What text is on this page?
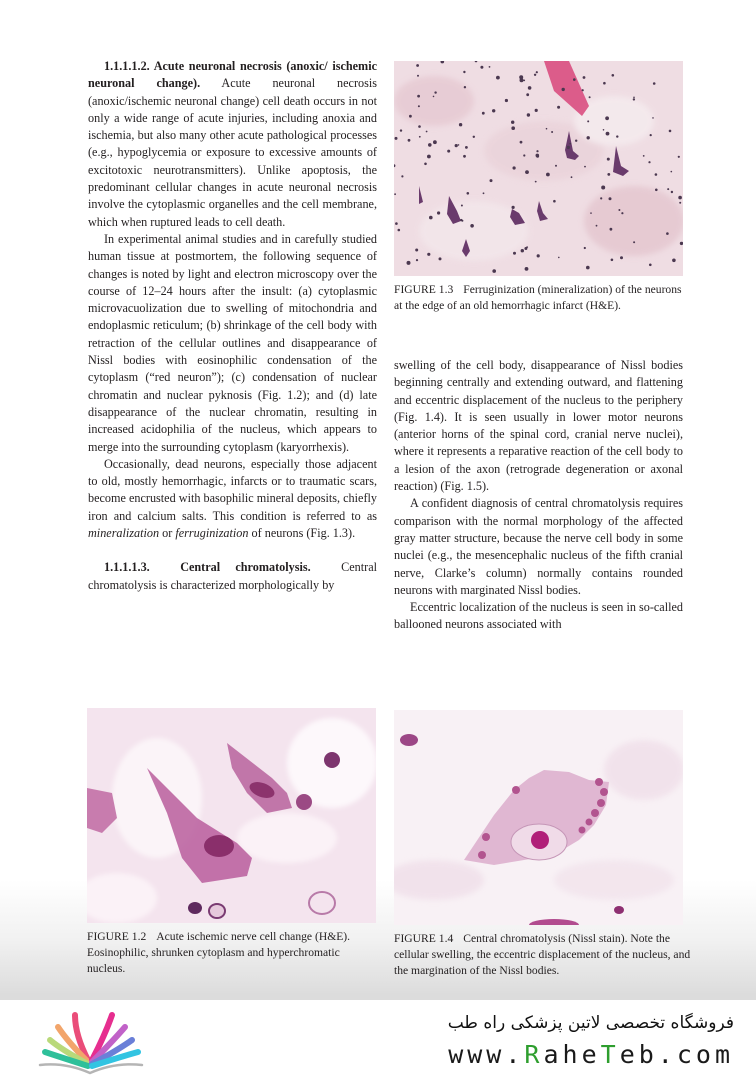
1.1.1.1.2. Acute neuronal necrosis (anoxic/ ischemic neuronal change). Acute neuronal necrosis (anoxic/ischemic neuronal change) cell death occurs in not only a wide range of acute injuries, including anoxia and ischemia, but also many other acute pathological processes (e.g., hypoglycemia or exposure to excessive amounts of excitotoxic neurotransmitters). Unlike apoptosis, the predominant cellular changes in acute neuronal necrosis involve the cytoplasmic organelles and the cell membrane, which when ruptured leads to cell death.

In experimental animal studies and in carefully studied human tissue at postmortem, the following sequence of changes is noted by light and electron microscopy over the course of 12–24 hours after the insult: (a) cytoplasmic microvacuolization due to swelling of mitochondria and endoplasmic reticulum; (b) shrinkage of the cell body with retraction of the cellular outlines and disappearance of Nissl bodies with eosinophilic condensation of the cytoplasm (“red neuron”); (c) condensation of nuclear chromatin and nuclear pyknosis (Fig. 1.2); and (d) late disappearance of the nuclear chromatin, resulting in increased acidophilia of the nucleus, which appears to merge into the surrounding cytoplasm (karyorrhexis).

Occasionally, dead neurons, especially those adjacent to old, mostly hemorrhagic, infarcts or to traumatic scars, become encrusted with basophilic mineral deposits, chiefly iron and calcium salts. This condition is referred to as mineralization or ferruginization of neurons (Fig. 1.3).

1.1.1.1.3. Central chromatolysis. Central chromatolysis is characterized morphologically by

FIGURE 1.3 Ferruginization (mineralization) of the neurons at the edge of an old hemorrhagic infarct (H&E).

swelling of the cell body, disappearance of Nissl bodies beginning centrally and extending outward, and flattening and eccentric displacement of the nucleus to the periphery (Fig. 1.4). It is seen usually in lower motor neurons (anterior horns of the spinal cord, cranial nerve nuclei), where it represents a reparative reaction of the cell body to a lesion of the axon (retrograde degeneration or axonal reaction) (Fig. 1.5).

A confident diagnosis of central chromatolysis requires comparison with the normal morphology of the affected gray matter structure, because the nerve cell body in some nuclei (e.g., the mesencephalic nucleus of the fifth cranial nerve, Clarke’s column) normally contains rounded neurons with marginated Nissl bodies.

Eccentric localization of the nucleus is seen in so-called ballooned neurons associated with

FIGURE 1.2 Acute ischemic nerve cell change (H&E). Eosinophilic, shrunken cytoplasm and hyperchromatic nucleus.
FIGURE 1.4 Central chromatolysis (Nissl stain). Note the cellular swelling, the eccentric displacement of the nucleus, and the margination of the Nissl bodies.
فروشگاه تخصصی لاتین پزشکی راه طب
www.RaheTeb.com
